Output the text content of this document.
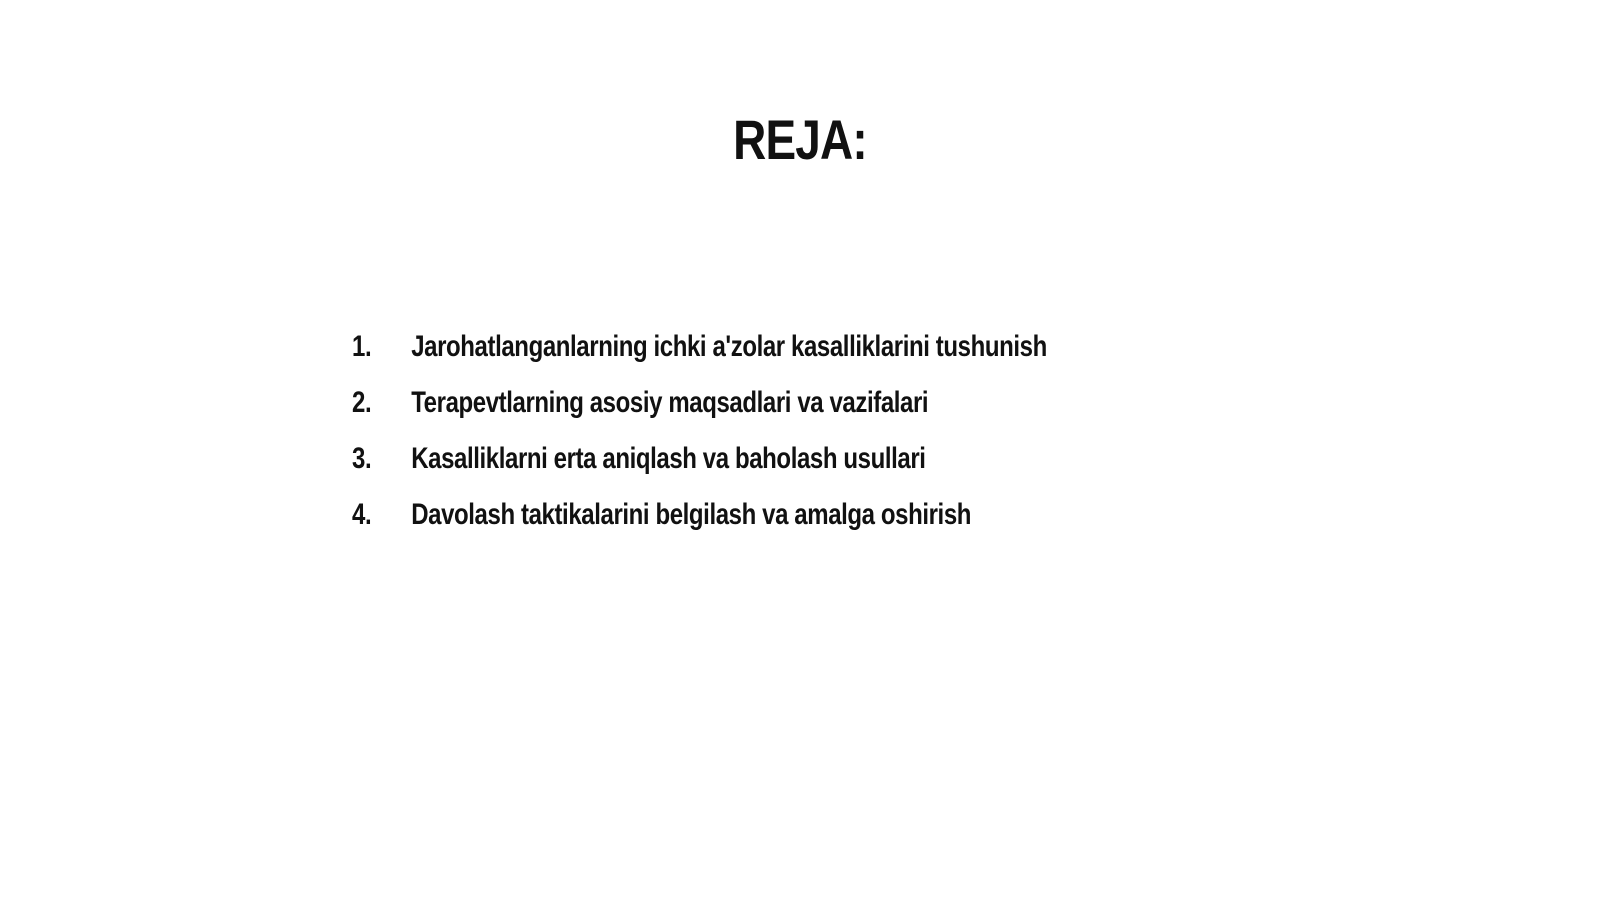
REJA:
1.	Jarohatlanganlarning ichki a'zolar kasalliklarini tushunish
2.	Terapevtlarning asosiy maqsadlari va vazifalari
3.	Kasalliklarni erta aniqlash va baholash usullari
4.	Davolash taktikalarini belgilash va amalga oshirish
